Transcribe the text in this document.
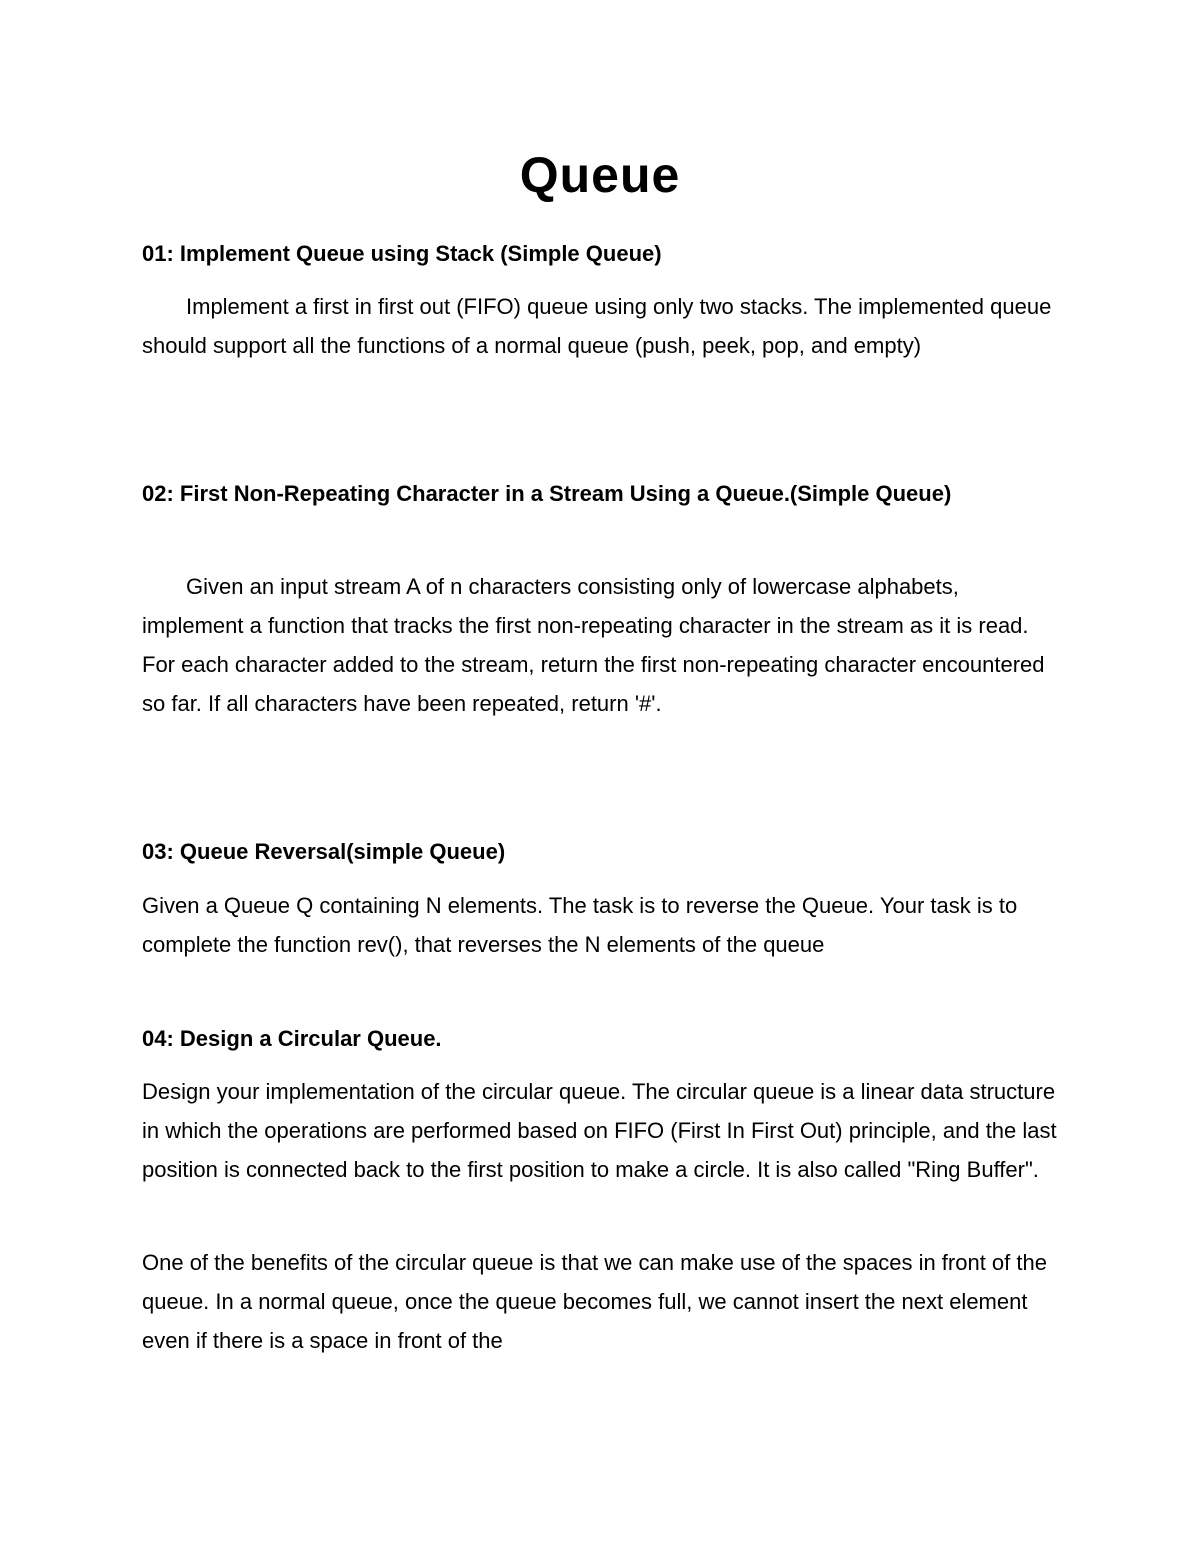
Queue
01: Implement Queue using Stack (Simple Queue)

Implement a first in first out (FIFO) queue using only two stacks. The implemented queue should support all the functions of a normal queue (push, peek, pop, and empty)

02: First Non-Repeating Character in a Stream Using a Queue.(Simple Queue)

Given an input stream A of n characters consisting only of lowercase alphabets, implement a function that tracks the first non-repeating character in the stream as it is read. For each character added to the stream, return the first non-repeating character encountered so far. If all characters have been repeated, return '#'.

03: Queue Reversal(simple Queue)

Given a Queue Q containing N elements. The task is to reverse the Queue. Your task is to complete the function rev(), that reverses the N elements of the queue

04: Design a Circular Queue.

Design your implementation of the circular queue. The circular queue is a linear data structure in which the operations are performed based on FIFO (First In First Out) principle, and the last position is connected back to the first position to make a circle. It is also called "Ring Buffer".

One of the benefits of the circular queue is that we can make use of the spaces in front of the queue. In a normal queue, once the queue becomes full, we cannot insert the next element even if there is a space in front of the
